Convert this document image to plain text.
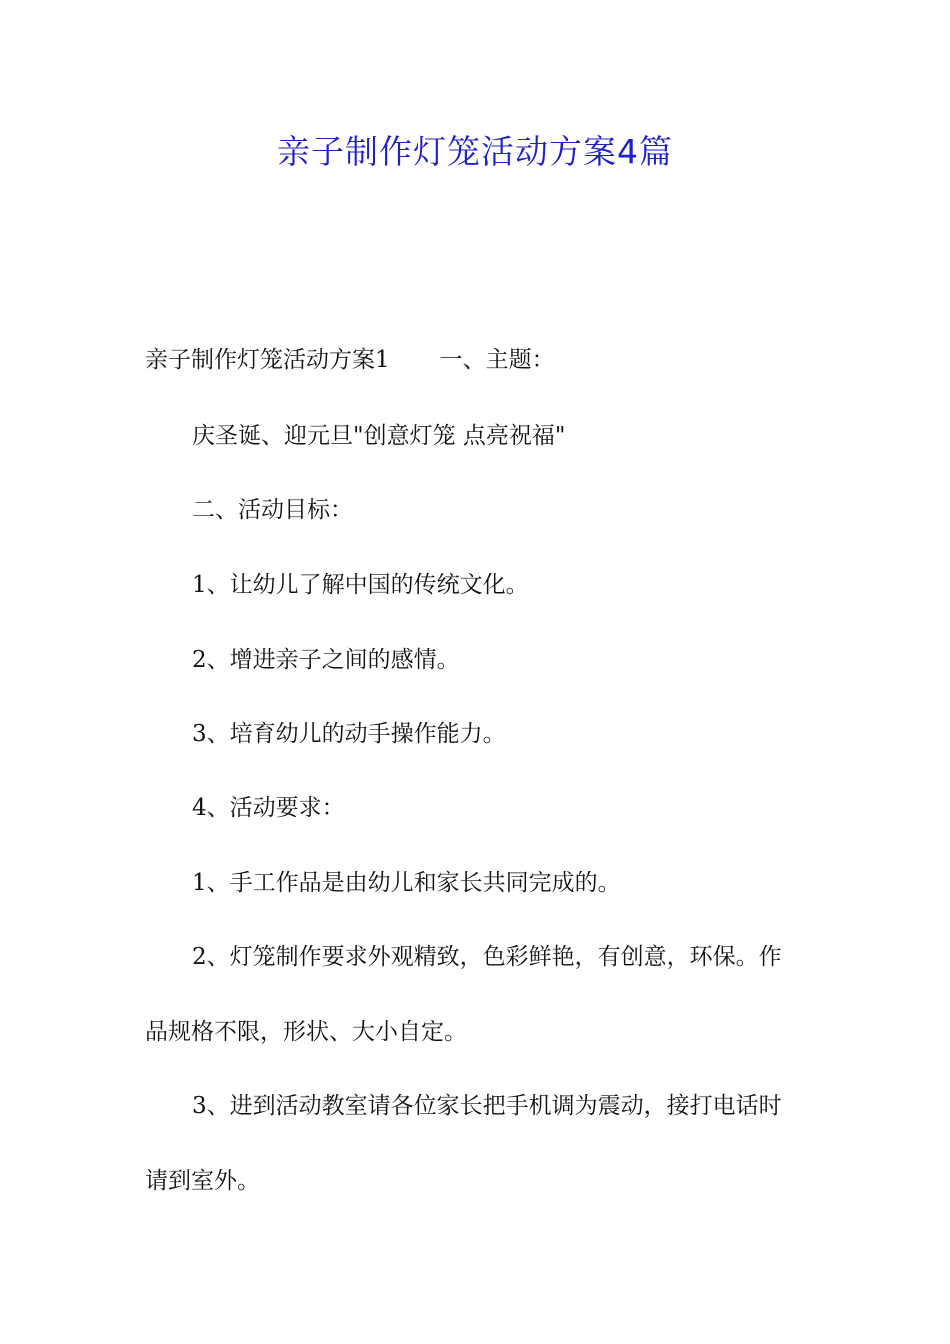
亲子制作灯笼活动方案4篇
亲子制作灯笼活动方案1 一、主题：
庆圣诞、迎元旦"创意灯笼 点亮祝福"
二、活动目标：
1、让幼儿了解中国的传统文化。
2、增进亲子之间的感情。
3、培育幼儿的动手操作能力。
4、活动要求：
1、手工作品是由幼儿和家长共同完成的。
2、灯笼制作要求外观精致，色彩鲜艳，有创意，环保。作
品规格不限，形状、大小自定。
3、进到活动教室请各位家长把手机调为震动，接打电话时
请到室外。
